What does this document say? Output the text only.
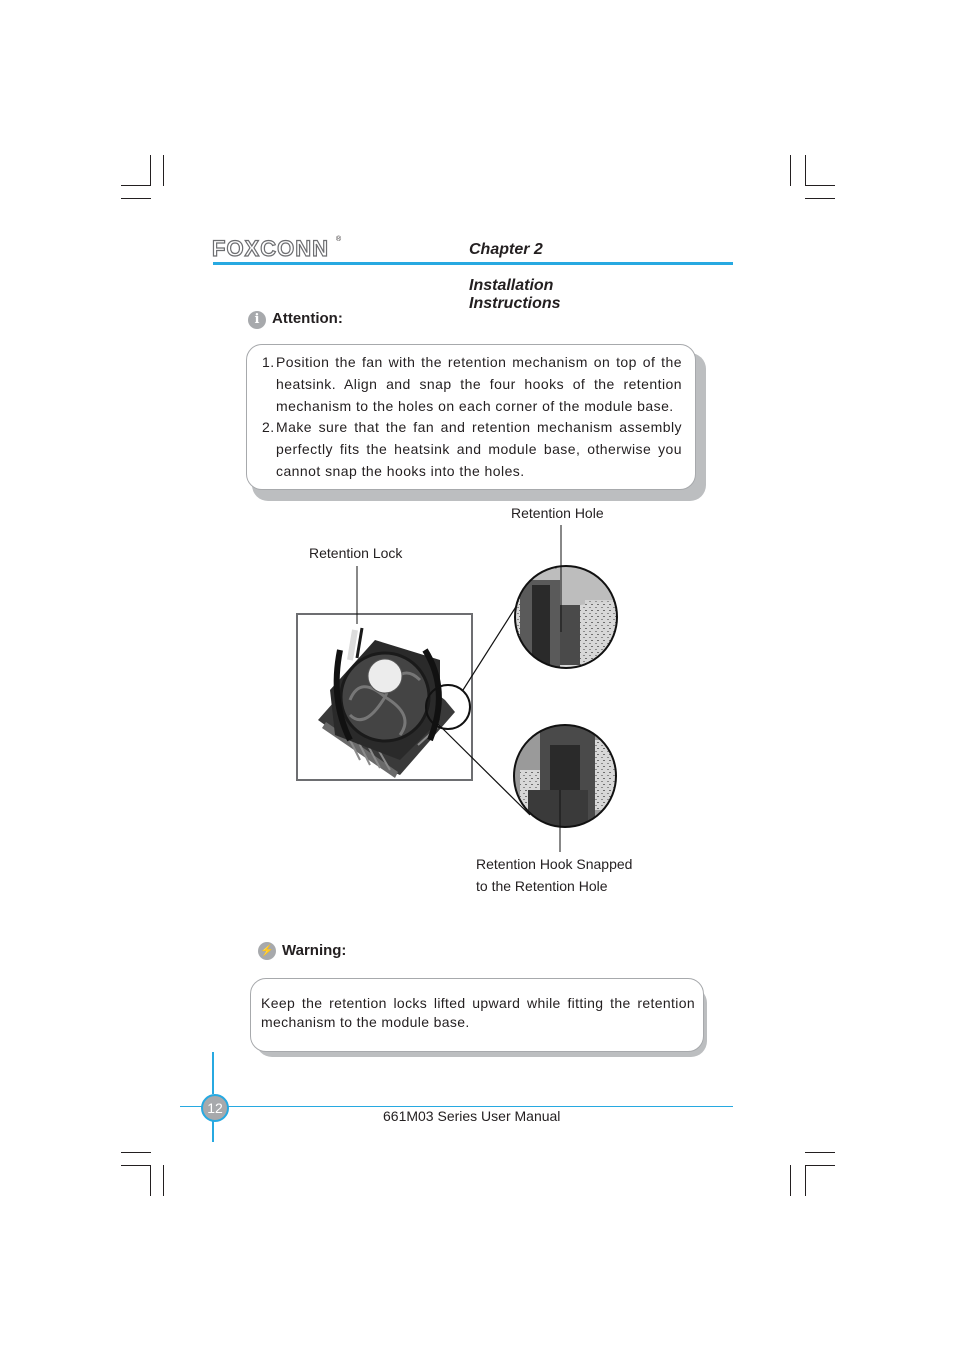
FOXCONN ®
Chapter 2Installation Instructions
i Attention:
1. Position the fan with the retention mechanism on top of the heatsink. Align and snap the four hooks of the retention mechanism to the holes on each corner of the module base.
2. Make sure that the fan and retention mechanism assembly perfectly fits the heatsink and module base, otherwise you cannot snap the hooks into the holes.
Retention Hole
Retention Lock
Retention Hook Snapped
to the Retention Hole
⚡ Warning:
Keep the retention locks lifted upward while fitting the retention mechanism to the module base.
12	661M03 Series User Manual
